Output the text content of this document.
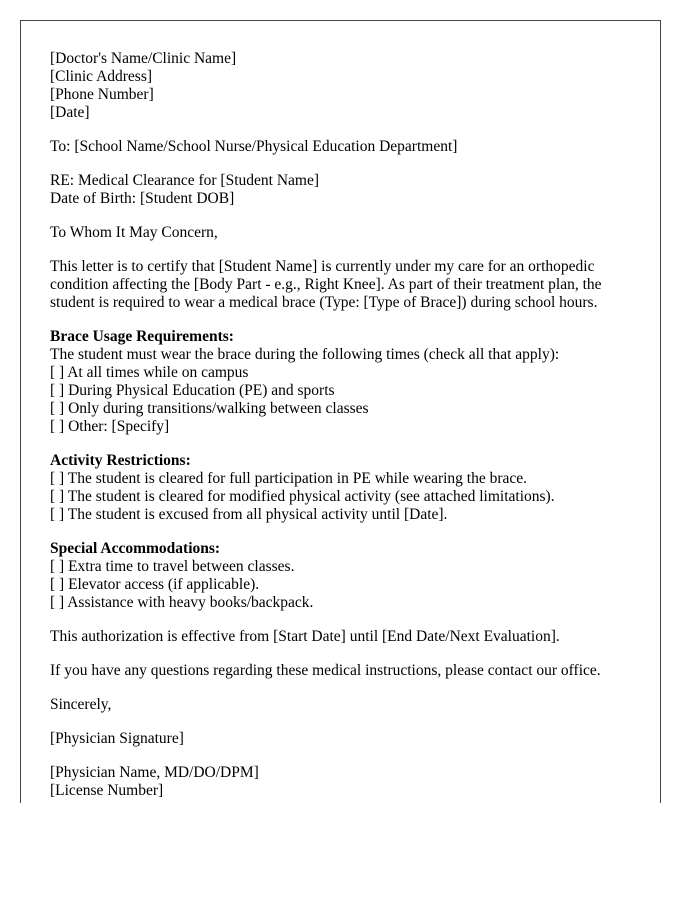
[Doctor's Name/Clinic Name]
[Clinic Address]
[Phone Number]
[Date]
To: [School Name/School Nurse/Physical Education Department]
RE: Medical Clearance for [Student Name]
Date of Birth: [Student DOB]
To Whom It May Concern,
This letter is to certify that [Student Name] is currently under my care for an orthopedic
condition affecting the [Body Part - e.g., Right Knee]. As part of their treatment plan, the
student is required to wear a medical brace (Type: [Type of Brace]) during school hours.
Brace Usage Requirements:
The student must wear the brace during the following times (check all that apply):
[ ] At all times while on campus
[ ] During Physical Education (PE) and sports
[ ] Only during transitions/walking between classes
[ ] Other: [Specify]
Activity Restrictions:
[ ] The student is cleared for full participation in PE while wearing the brace.
[ ] The student is cleared for modified physical activity (see attached limitations).
[ ] The student is excused from all physical activity until [Date].
Special Accommodations:
[ ] Extra time to travel between classes.
[ ] Elevator access (if applicable).
[ ] Assistance with heavy books/backpack.
This authorization is effective from [Start Date] until [End Date/Next Evaluation].
If you have any questions regarding these medical instructions, please contact our office.
Sincerely,
[Physician Signature]
[Physician Name, MD/DO/DPM]
[License Number]
